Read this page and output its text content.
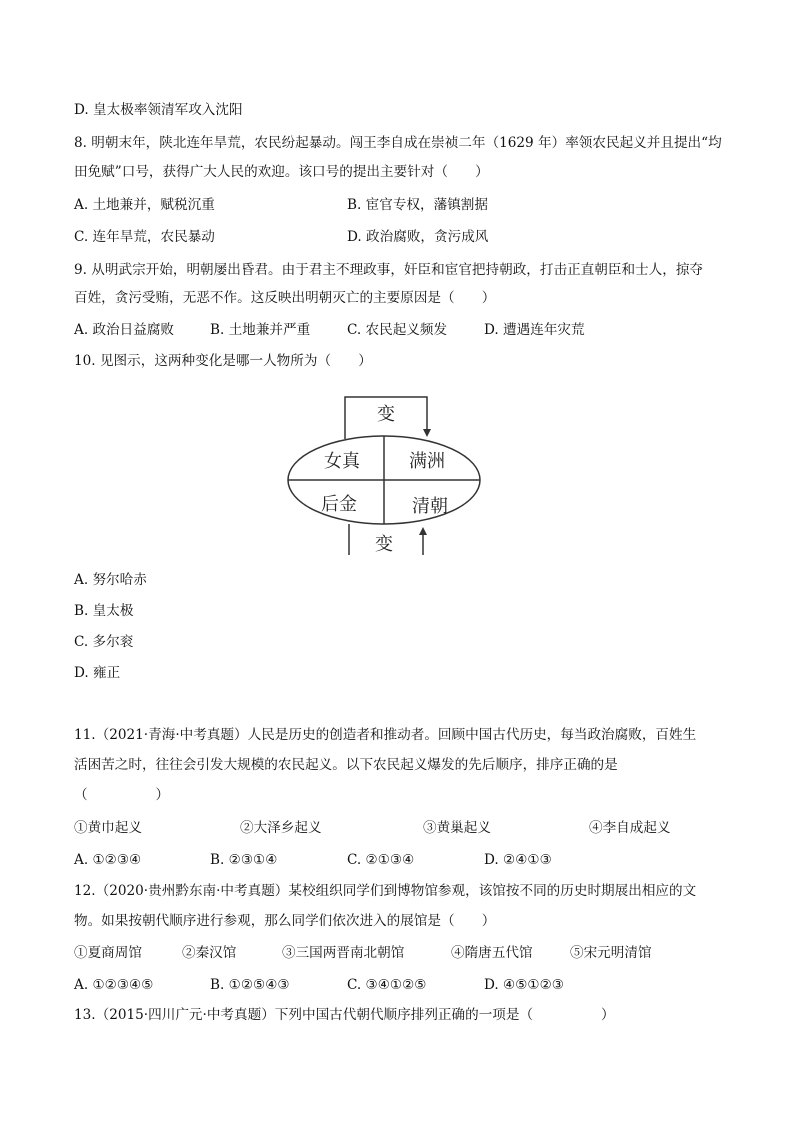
D. 皇太极率领清军攻入沈阳
8. 明朝末年，陕北连年旱荒，农民纷起暴动。闯王李自成在崇祯二年（1629 年）率领农民起义并且提出“均
田免赋”口号，获得广大人民的欢迎。该口号的提出主要针对（　　）
A. 土地兼并，赋税沉重	B. 宦官专权，藩镇割据
C. 连年旱荒，农民暴动	D. 政治腐败，贪污成风
9. 从明武宗开始，明朝屡出昏君。由于君主不理政事，奸臣和宦官把持朝政，打击正直朝臣和士人，掠夺
百姓，贪污受贿，无恶不作。这反映出明朝灭亡的主要原因是（　　）
A. 政治日益腐败	B. 土地兼并严重	C. 农民起义频发	D. 遭遇连年灾荒
10. 见图示，这两种变化是哪一人物所为（　　）
变
女真	满洲
后金	清朝
变
A. 努尔哈赤
B. 皇太极
C. 多尔衮
D. 雍正
11.（2021·青海·中考真题）人民是历史的创造者和推动者。回顾中国古代历史，每当政治腐败，百姓生
活困苦之时，往往会引发大规模的农民起义。以下农民起义爆发的先后顺序，排序正确的是
（　　　　　）
①黄巾起义	②大泽乡起义	③黄巢起义	④李自成起义
A. ①②③④	B. ②③①④	C. ②①③④	D. ②④①③
12.（2020·贵州黔东南·中考真题）某校组织同学们到博物馆参观，该馆按不同的历史时期展出相应的文
物。如果按朝代顺序进行参观，那么同学们依次进入的展馆是（　　）
①夏商周馆	②秦汉馆	③三国两晋南北朝馆	④隋唐五代馆	⑤宋元明清馆
A. ①②③④⑤	B. ①②⑤④③	C. ③④①②⑤	D. ④⑤①②③
13.（2015·四川广元·中考真题）下列中国古代朝代顺序排列正确的一项是（　　　　　）
